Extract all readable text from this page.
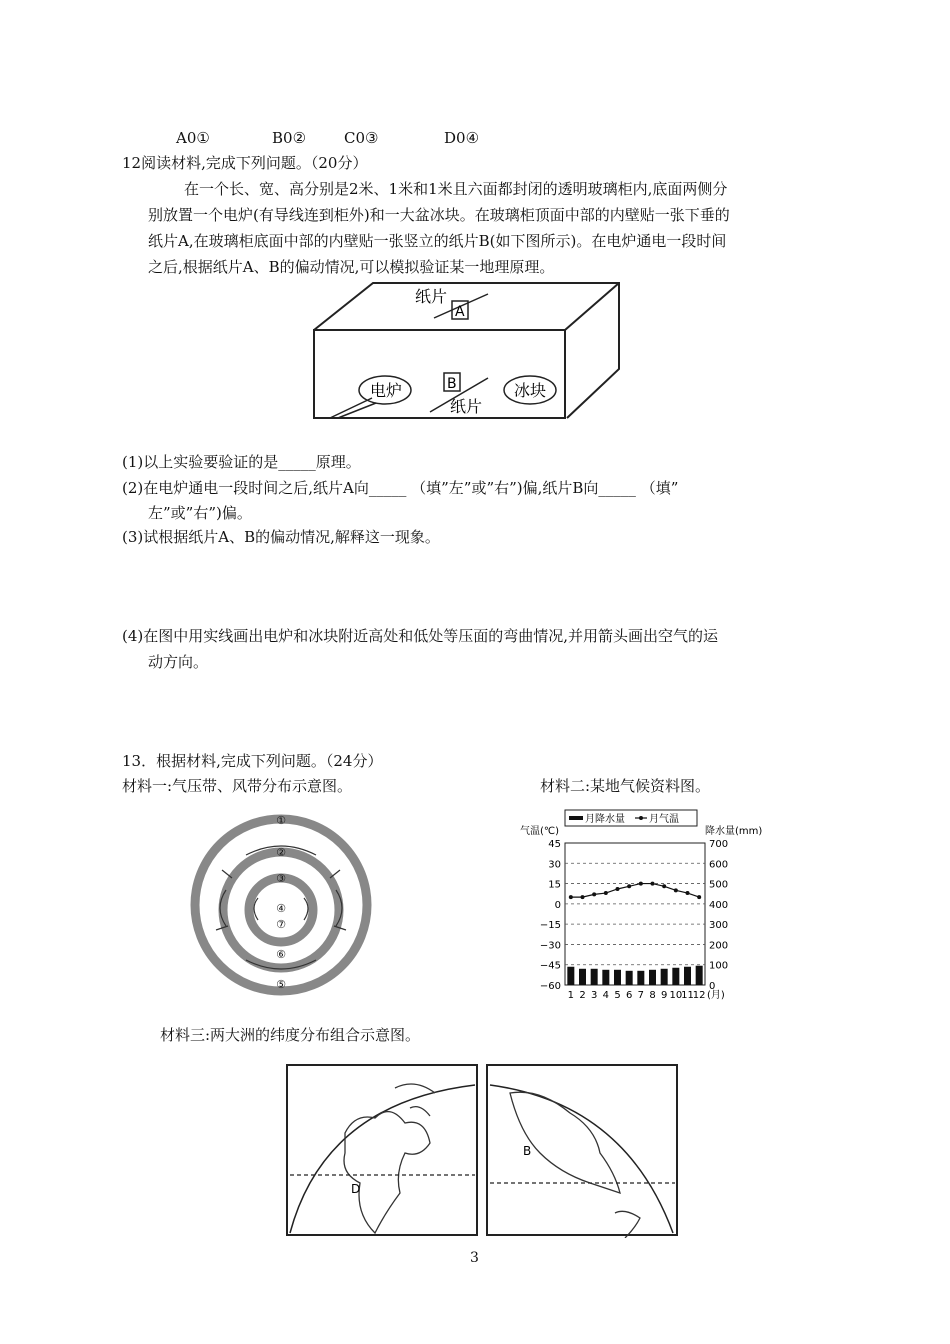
A0①	B0②	C0③	D0④
12阅读材料,完成下列问题。（20分）
在一个长、宽、高分别是2米、1米和1米且六面都封闭的透明玻璃柜内,底面两侧分
别放置一个电炉(有导线连到柜外)和一大盆冰块。在玻璃柜顶面中部的内壁贴一张下垂的
纸片A,在玻璃柜底面中部的内壁贴一张竖立的纸片B(如下图所示)。在电炉通电一段时间
之后,根据纸片A、B的偏动情况,可以模拟验证某一地理原理。
纸片
A
B
纸片
电炉	冰块
(1)以上实验要验证的是_____原理。
(2)在电炉通电一段时间之后,纸片A向_____ （填”左”或”右”)偏,纸片B向_____ （填”
左”或”右”)偏。
(3)试根据纸片A、B的偏动情况,解释这一现象。
(4)在图中用实线画出电炉和冰块附近高处和低处等压面的弯曲情况,并用箭头画出空气的运
动方向。
13．根据材料,完成下列问题。（24分）
材料一:气压带、风带分布示意图。	材料二:某地气候资料图。
①
②
③
④
⑤
⑥
⑦
月降水量 月气温
气温(℃)	降水量(mm)
45	700
30	600
15	500
0	400
−15	300
−30	200
−45	100
−60	0
1 2 3 4 5 6 7 8 9 10
11
12 (月)
材料三:两大洲的纬度分布组合示意图。
D
B
3
